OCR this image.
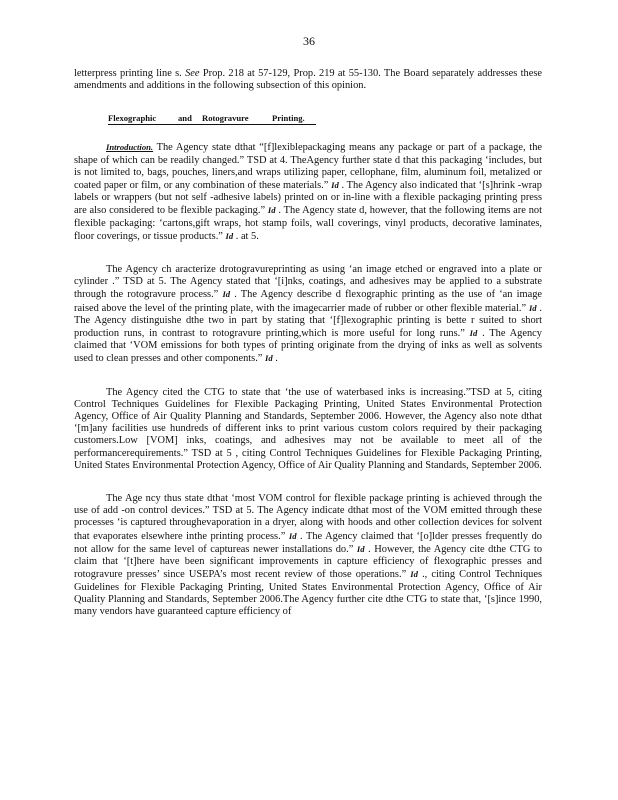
36

letterpress printing line s. See Prop. 218 at 57-129, Prop. 219 at 55-130. The Board separately addresses these amendments and additions in the following subsection of this opinion.

Flexographic	and Rotogravure	Printing.

Introduction. The Agency state dthat “[f]lexiblepackaging means any package or part of a package, the shape of which can be readily changed.” TSD at 4. TheAgency further state d that this packaging ‘includes, but is not limited to, bags, pouches, liners,and wraps utilizing paper, cellophane, film, aluminum foil, metalized or coated paper or film, or any combination of these materials.” Id . The Agency also indicated that ‘[s]hrink -wrap labels or wrappers (but not self -adhesive labels) printed on or in-line with a flexible packaging printing press are also considered to be flexible packaging.” Id . The Agency state d, however, that the following items are not flexible packaging: ‘cartons,gift wraps, hot stamp foils, wall coverings, vinyl products, decorative laminates, floor coverings, or tissue products.” Id . at 5.

The Agency ch aracterize drotogravureprinting as using ‘an image etched or engraved into a plate or cylinder .” TSD at 5. The Agency stated that ‘[i]nks, coatings, and adhesives may be applied to a substrate through the rotogravure process.” Id . The Agency describe d flexographic printing as the use of ‘an image raised above the level of the printing plate, with the imagecarrier made of rubber or other flexible material.” Id . The Agency distinguishe dthe two in part by stating that ‘[f]lexographic printing is bette r suited to short production runs, in contrast to rotogravure printing,which is more useful for long runs.” Id . The Agency claimed that ‘VOM emissions for both types of printing originate from the drying of inks as well as solvents used to clean presses and other components.” Id .

The Agency cited the CTG to state that ‘the use of waterbased inks is increasing.”TSD at 5, citing Control Techniques Guidelines for Flexible Packaging Printing, United States Environmental Protection Agency, Office of Air Quality Planning and Standards, September 2006. However, the Agency also note dthat ‘[m]any facilities use hundreds of different inks to print various custom colors required by their packaging customers.Low [VOM] inks, coatings, and adhesives may not be available to meet all of the performancerequirements.” TSD at 5 , citing Control Techniques Guidelines for Flexible Packaging Printing, United States Environmental Protection Agency, Office of Air Quality Planning and Standards, September 2006.

The Age ncy thus state dthat ‘most VOM control for flexible package printing is achieved through the use of add -on control devices.” TSD at 5. The Agency indicate dthat most of the VOM emitted through these processes ‘is captured throughevaporation in a dryer, along with hoods and other collection devices for solvent that evaporates elsewhere inthe printing process.” Id . The Agency claimed that ‘[o]lder presses frequently do not allow for the same level of captureas newer installations do.” Id . However, the Agency cite dthe CTG to claim that ‘[t]here have been significant improvements in capture efficiency of flexographic presses and rotogravure presses’ since USEPA’s most recent review of those operations.” Id ., citing Control Techniques Guidelines for Flexible Packaging Printing, United States Environmental Protection Agency, Office of Air Quality Planning and Standards, September 2006.The Agency further cite dthe CTG to state that, ‘[s]ince 1990, many vendors have guaranteed capture efficiency of
